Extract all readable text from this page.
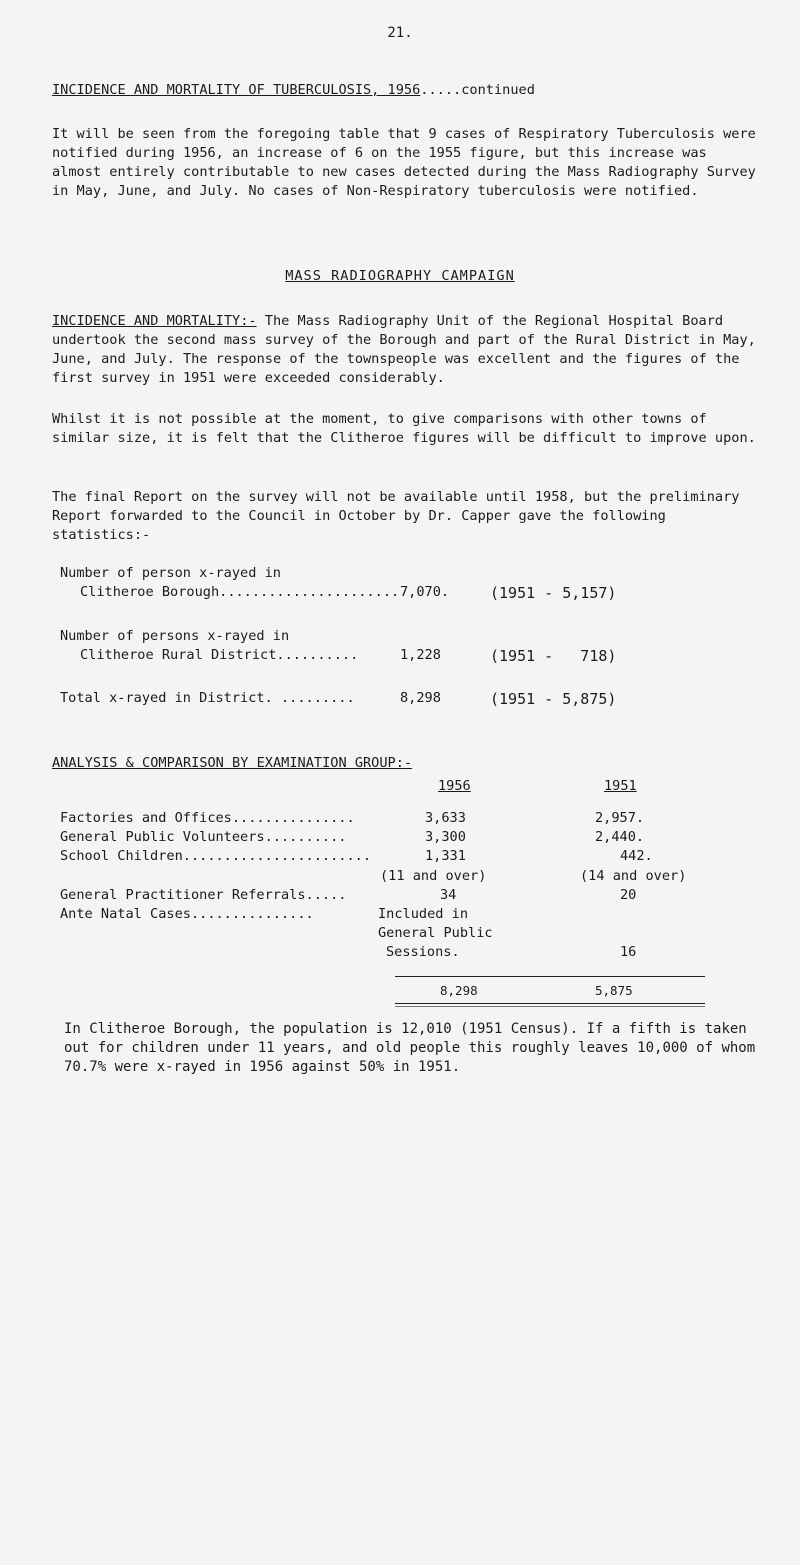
21.
INCIDENCE AND MORTALITY OF TUBERCULOSIS, 1956.....continued

It will be seen from the foregoing table that 9 cases of Respiratory Tuberculosis were notified during 1956, an increase of 6 on the 1955 figure, but this increase was almost entirely contributable to new cases detected during the Mass Radiography Survey in May, June, and July. No cases of Non-Respiratory tuberculosis were notified.

MASS RADIOGRAPHY CAMPAIGN

INCIDENCE AND MORTALITY:- The Mass Radiography Unit of the Regional Hospital Board undertook the second mass survey of the Borough and part of the Rural District in May, June, and July. The response of the townspeople was excellent and the figures of the first survey in 1951 were exceeded considerably.

Whilst it is not possible at the moment, to give comparisons with other towns of similar size, it is felt that the Clitheroe figures will be difficult to improve upon.

The final Report on the survey will not be available until 1958, but the preliminary Report forwarded to the Council in October by Dr. Capper gave the following statistics:-

Number of person x-rayed in
Clitheroe Borough...................... 7,070.	(1951 - 5,157)
Number of persons x-rayed in
Clitheroe Rural District..........	1,228	(1951 -   718)
Total x-rayed in District. .........	8,298	(1951 - 5,875)
ANALYSIS & COMPARISON BY EXAMINATION GROUP:-
1956	1951
Factories and Offices...............	3,633	2,957.
General Public Volunteers..........	3,300	2,440.
School Children.......................	1,331	442.
(11 and over)	(14 and over)
General Practitioner Referrals.....	34	20
Ante Natal Cases...............	Included in
General Public
Sessions.	16
8,298	5,875

In Clitheroe Borough, the population is 12,010 (1951 Census). If a fifth is taken out for children under 11 years, and old people this roughly leaves 10,000 of whom 70.7% were x-rayed in 1956 against 50% in 1951.
